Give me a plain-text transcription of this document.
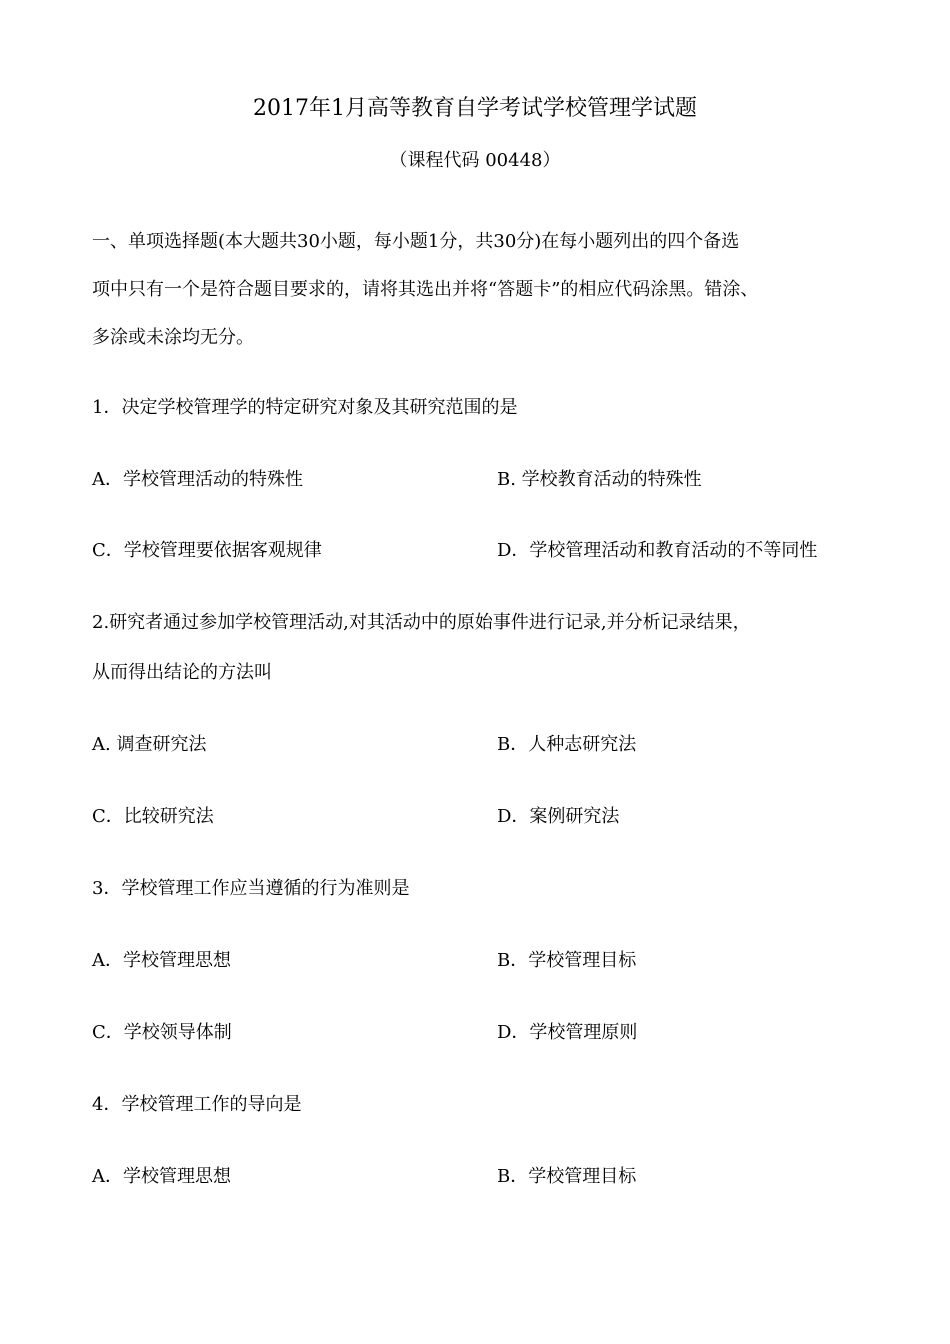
2017年1月高等教育自学考试学校管理学试题
（课程代码 00448）
一、单项选择题(本大题共30小题，每小题1分，共30分)在每小题列出的四个备选
项中只有一个是符合题目要求的，请将其选出并将“答题卡”的相应代码涂黑。错涂、
多涂或未涂均无分。
1．决定学校管理学的特定研究对象及其研究范围的是
A．学校管理活动的特殊性	B. 学校教育活动的特殊性
C．学校管理要依据客观规律	D．学校管理活动和教育活动的不等同性
2.研究者通过参加学校管理活动,对其活动中的原始事件进行记录,并分析记录结果，
从而得出结论的方法叫
A. 调查研究法	B．人种志研究法
C．比较研究法	D．案例研究法
3．学校管理工作应当遵循的行为准则是
A．学校管理思想	B．学校管理目标
C．学校领导体制	D．学校管理原则
4．学校管理工作的导向是
A．学校管理思想	B．学校管理目标
